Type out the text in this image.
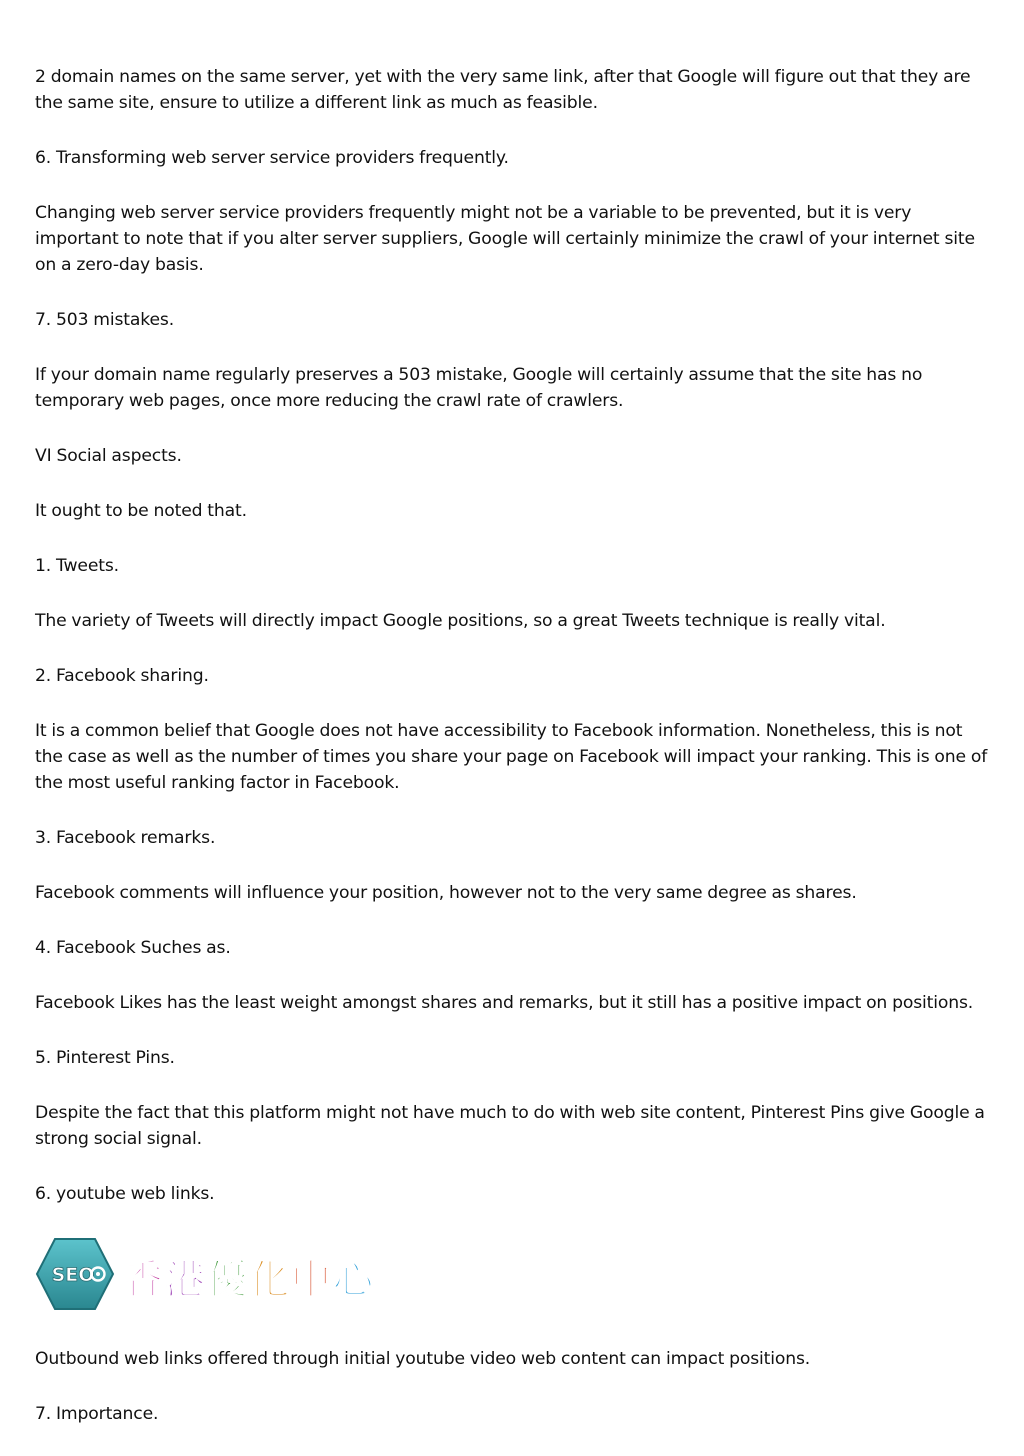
2 domain names on the same server, yet with the very same link, after that Google will figure out that they are the same site, ensure to utilize a different link as much as feasible.

6. Transforming web server service providers frequently.

Changing web server service providers frequently might not be a variable to be prevented, but it is very important to note that if you alter server suppliers, Google will certainly minimize the crawl of your internet site on a zero-day basis.

7. 503 mistakes.

If your domain name regularly preserves a 503 mistake, Google will certainly assume that the site has no temporary web pages, once more reducing the crawl rate of crawlers.

VI Social aspects.

It ought to be noted that.

1. Tweets.

The variety of Tweets will directly impact Google positions, so a great Tweets technique is really vital.

2. Facebook sharing.

It is a common belief that Google does not have accessibility to Facebook information. Nonetheless, this is not the case as well as the number of times you share your page on Facebook will impact your ranking. This is one of the most useful ranking factor in Facebook.

3. Facebook remarks.

Facebook comments will influence your position, however not to the very same degree as shares.

4. Facebook Suches as.

Facebook Likes has the least weight amongst shares and remarks, but it still has a positive impact on positions.

5. Pinterest Pins.

Despite the fact that this platform might not have much to do with web site content, Pinterest Pins give Google a strong social signal.

6. youtube web links.

SEO 香 港 優 化 中 心

Outbound web links offered through initial youtube video web content can impact positions.

7. Importance.
